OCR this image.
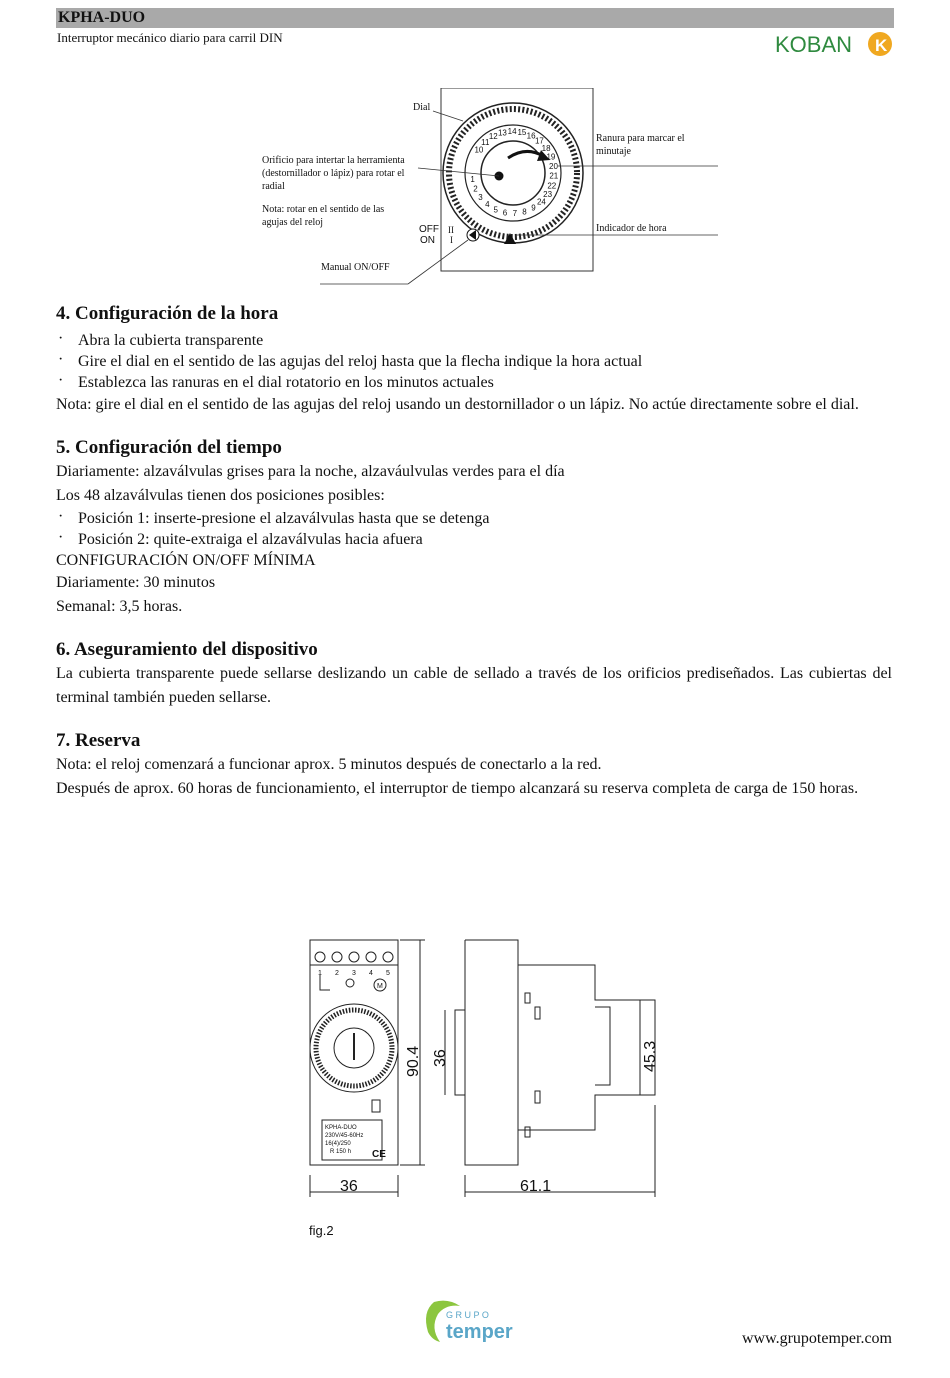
KPHA-DUO
Interruptor mecánico diario para carril DIN	KOBAN K
1
2
3
4
5 6 7 8 9
24
23
22
21
20
19
18
17
16
15
14
13
12
11
10
II
I
OFF
ON
Dial
Orificio para intertar la herramienta
(destornillador o lápiz) para rotar el
radial
Nota: rotar en el sentido de las
agujas del reloj
Ranura para marcar el
minutaje
Indicador de hora
Manual ON/OFF
4. Configuración de la hora

· Abra la cubierta transparente

· Gire el dial en el sentido de las agujas del reloj hasta que la flecha indique la hora actual

· Establezca las ranuras en el dial rotatorio en los minutos actuales

Nota: gire el dial en el sentido de las agujas del reloj usando un destornillador o un lápiz. No actúe directamente sobre el dial.

5. Configuración del tiempo

Diariamente: alzaválvulas grises para la noche, alzaváulvulas verdes para el día

Los 48 alzaválvulas tienen dos posiciones posibles:

· Posición 1: inserte-presione el alzaválvulas hasta que se detenga

· Posición 2: quite-extraiga el alzaválvulas hacia afuera

CONFIGURACIÓN ON/OFF MÍNIMA

Diariamente: 30 minutos

Semanal: 3,5 horas.

6. Aseguramiento del dispositivo

La cubierta transparente puede sellarse deslizando un cable de sellado a través de los orificios prediseñados. Las cubiertas del terminal también pueden sellarse.

7. Reserva

Nota: el reloj comenzará a funcionar aprox. 5 minutos después de conectarlo a la red.

Después de aprox. 60 horas de funcionamiento, el interruptor de tiempo alcanzará su reserva completa de carga de 150 horas.

1 2 3 4 5
M
KPHA-DUO
230V/45-60Hz
16(4)/250
R 150 h CE
36	61.1
90.4 36	45.3
fig.2
G R U P O
temper	www.grupotemper.com
